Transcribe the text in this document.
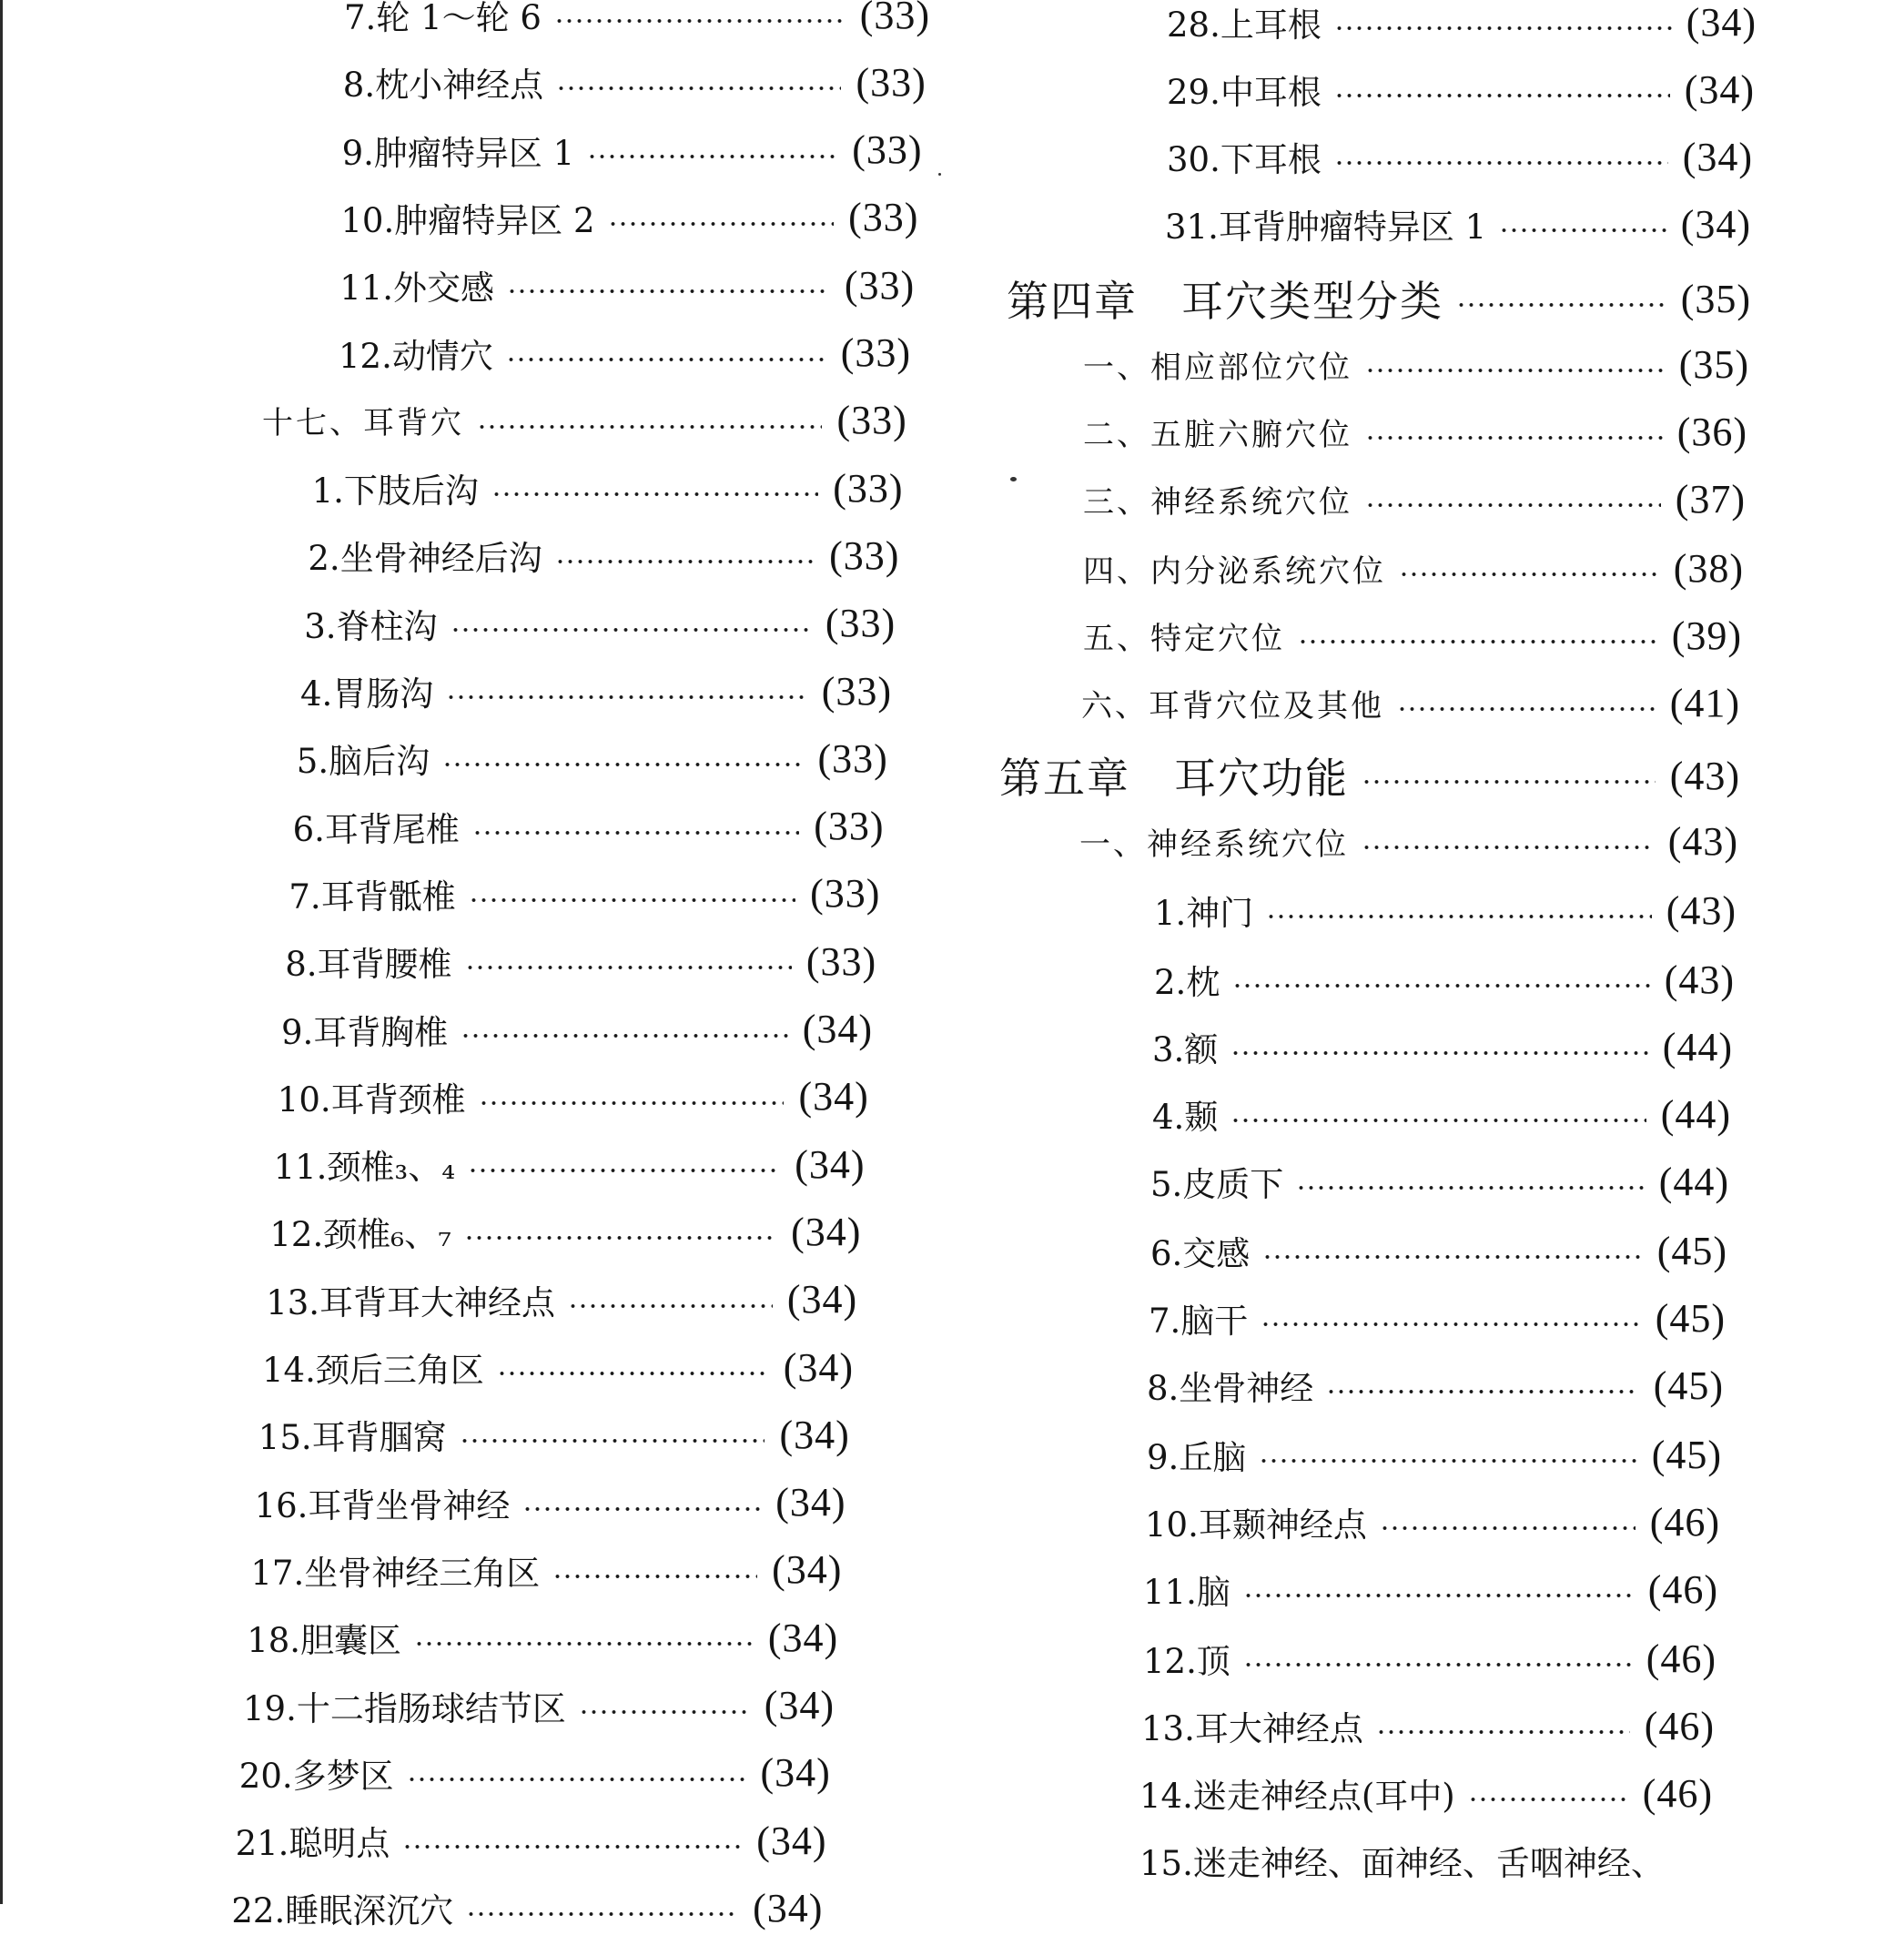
7.轮 1～轮 6	(33)
8.枕小神经点	(33)
9.肿瘤特异区 1	(33)
10.肿瘤特异区 2	(33)
11.外交感	(33)
12.动情穴	(33)
十七、耳背穴	(33)
1.下肢后沟	(33)
2.坐骨神经后沟	(33)
3.脊柱沟	(33)
4.胃肠沟	(33)
5.脑后沟	(33)
6.耳背尾椎	(33)
7.耳背骶椎	(33)
8.耳背腰椎	(33)
9.耳背胸椎	(34)
10.耳背颈椎	(34)
11.颈椎₃、₄	(34)
12.颈椎₆、₇	(34)
13.耳背耳大神经点	(34)
14.颈后三角区	(34)
15.耳背腘窝	(34)
16.耳背坐骨神经	(34)
17.坐骨神经三角区	(34)
18.胆囊区	(34)
19.十二指肠球结节区	(34)
20.多梦区	(34)
21.聪明点	(34)
22.睡眠深沉穴	(34)
28.上耳根	(34)
29.中耳根	(34)
30.下耳根	(34)
31.耳背肿瘤特异区 1	(34)
第四章　耳穴类型分类	(35)
一、相应部位穴位	(35)
二、五脏六腑穴位	(36)
三、神经系统穴位	(37)
四、内分泌系统穴位	(38)
五、特定穴位	(39)
六、耳背穴位及其他	(41)
第五章　耳穴功能	(43)
一、神经系统穴位	(43)
1.神门	(43)
2.枕	(43)
3.额	(44)
4.颞	(44)
5.皮质下	(44)
6.交感	(45)
7.脑干	(45)
8.坐骨神经	(45)
9.丘脑	(45)
10.耳颞神经点	(46)
11.脑	(46)
12.顶	(46)
13.耳大神经点	(46)
14.迷走神经点(耳中)	(46)
15.迷走神经、面神经、舌咽神经、
